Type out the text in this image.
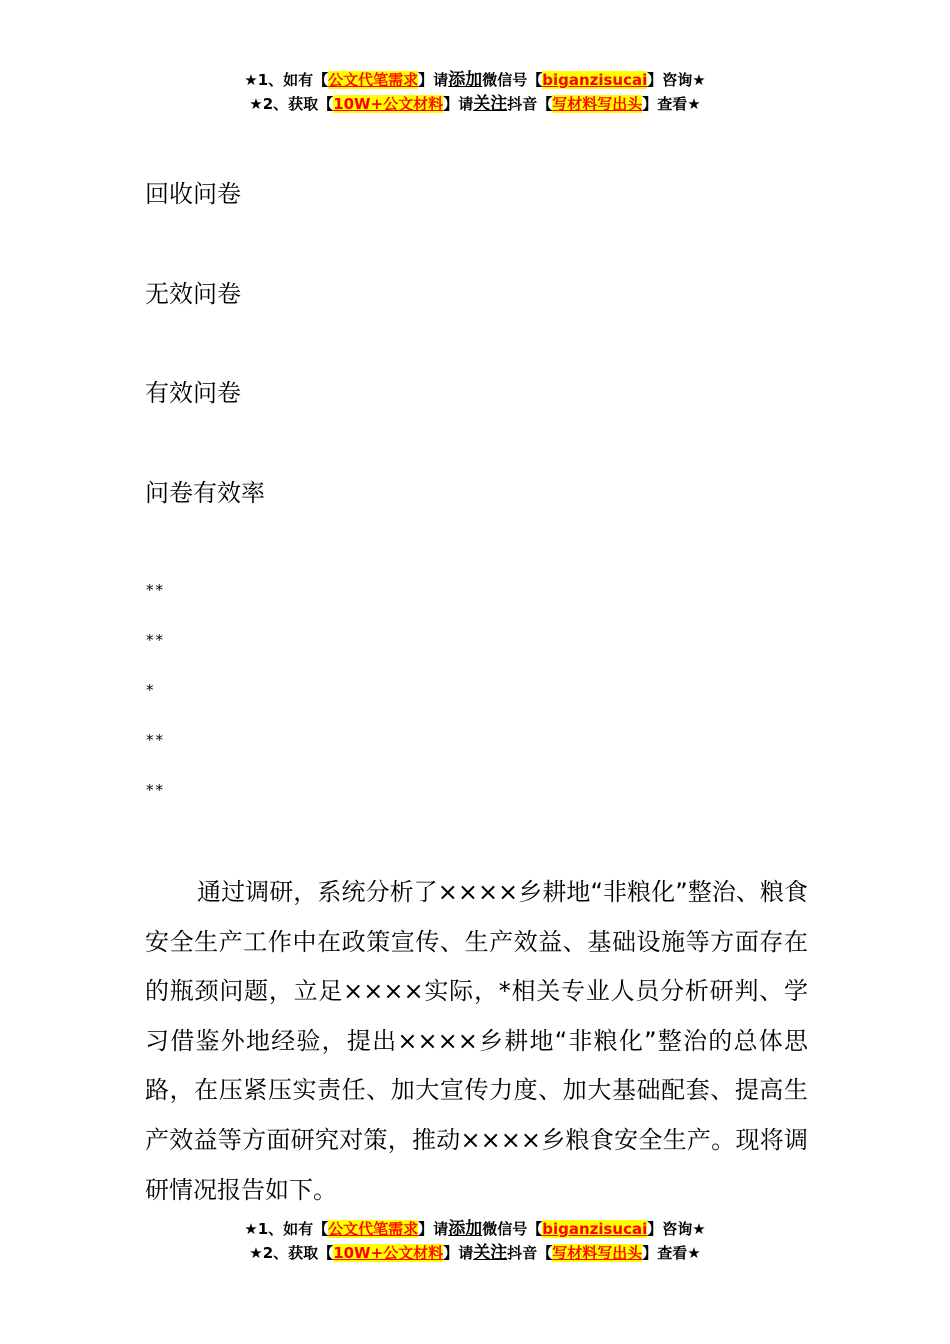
★1、如有【公文代笔需求】请添加微信号【biganzisucai】咨询★
★2、获取【10W+公文材料】请关注抖音【写材料写出头】查看★
回收问卷
无效问卷
有效问卷
问卷有效率
**
**
*
**
**

通过调研，系统分析了××××乡耕地“非粮化”整治、粮食安全生产工作中在政策宣传、生产效益、基础设施等方面存在的瓶颈问题，立足××××实际，*相关专业人员分析研判、学习借鉴外地经验，提出××××乡耕地“非粮化”整治的总体思路，在压紧压实责任、加大宣传力度、加大基础配套、提高生产效益等方面研究对策，推动××××乡粮食安全生产。现将调研情况报告如下。

★1、如有【公文代笔需求】请添加微信号【biganzisucai】咨询★
★2、获取【10W+公文材料】请关注抖音【写材料写出头】查看★
